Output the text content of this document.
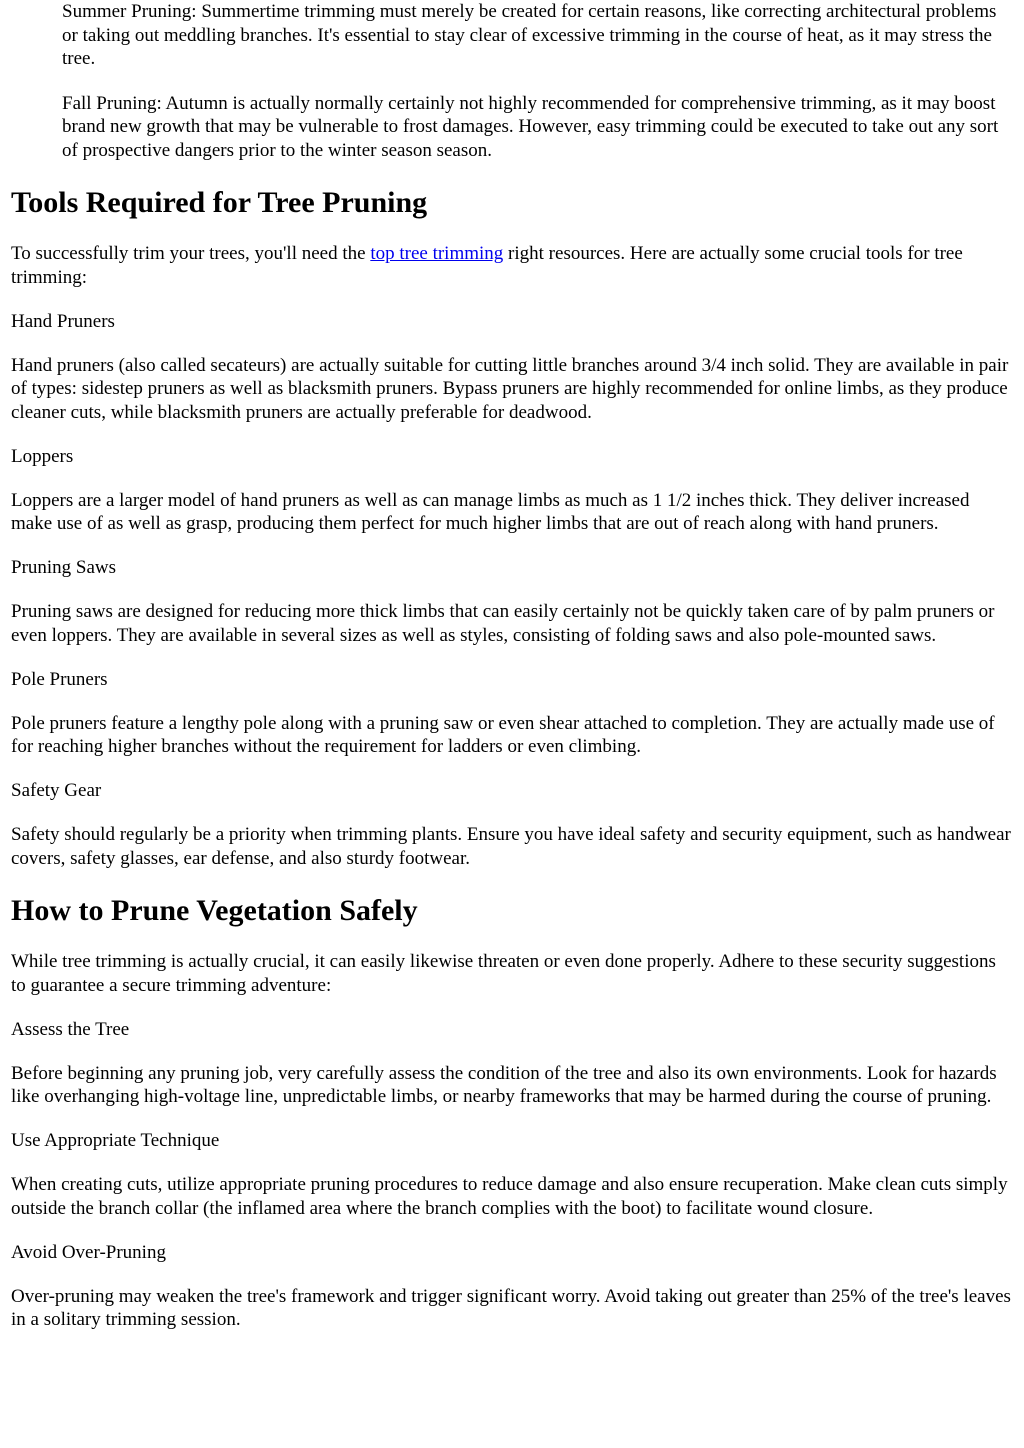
Summer Pruning: Summertime trimming must merely be created for certain reasons, like correcting architectural problems or taking out meddling branches. It's essential to stay clear of excessive trimming in the course of heat, as it may stress the tree.

Fall Pruning: Autumn is actually normally certainly not highly recommended for comprehensive trimming, as it may boost brand new growth that may be vulnerable to frost damages. However, easy trimming could be executed to take out any sort of prospective dangers prior to the winter season season.

Tools Required for Tree Pruning

To successfully trim your trees, you'll need the top tree trimming right resources. Here are actually some crucial tools for tree trimming:

Hand Pruners

Hand pruners (also called secateurs) are actually suitable for cutting little branches around 3/4 inch solid. They are available in pair of types: sidestep pruners as well as blacksmith pruners. Bypass pruners are highly recommended for online limbs, as they produce cleaner cuts, while blacksmith pruners are actually preferable for deadwood.

Loppers

Loppers are a larger model of hand pruners as well as can manage limbs as much as 1 1/2 inches thick. They deliver increased make use of as well as grasp, producing them perfect for much higher limbs that are out of reach along with hand pruners.

Pruning Saws

Pruning saws are designed for reducing more thick limbs that can easily certainly not be quickly taken care of by palm pruners or even loppers. They are available in several sizes as well as styles, consisting of folding saws and also pole-mounted saws.

Pole Pruners

Pole pruners feature a lengthy pole along with a pruning saw or even shear attached to completion. They are actually made use of for reaching higher branches without the requirement for ladders or even climbing.

Safety Gear

Safety should regularly be a priority when trimming plants. Ensure you have ideal safety and security equipment, such as handwear covers, safety glasses, ear defense, and also sturdy footwear.

How to Prune Vegetation Safely

While tree trimming is actually crucial, it can easily likewise threaten or even done properly. Adhere to these security suggestions to guarantee a secure trimming adventure:

Assess the Tree

Before beginning any pruning job, very carefully assess the condition of the tree and also its own environments. Look for hazards like overhanging high-voltage line, unpredictable limbs, or nearby frameworks that may be harmed during the course of pruning.

Use Appropriate Technique

When creating cuts, utilize appropriate pruning procedures to reduce damage and also ensure recuperation. Make clean cuts simply outside the branch collar (the inflamed area where the branch complies with the boot) to facilitate wound closure.

Avoid Over-Pruning

Over-pruning may weaken the tree's framework and trigger significant worry. Avoid taking out greater than 25% of the tree's leaves in a solitary trimming session.
